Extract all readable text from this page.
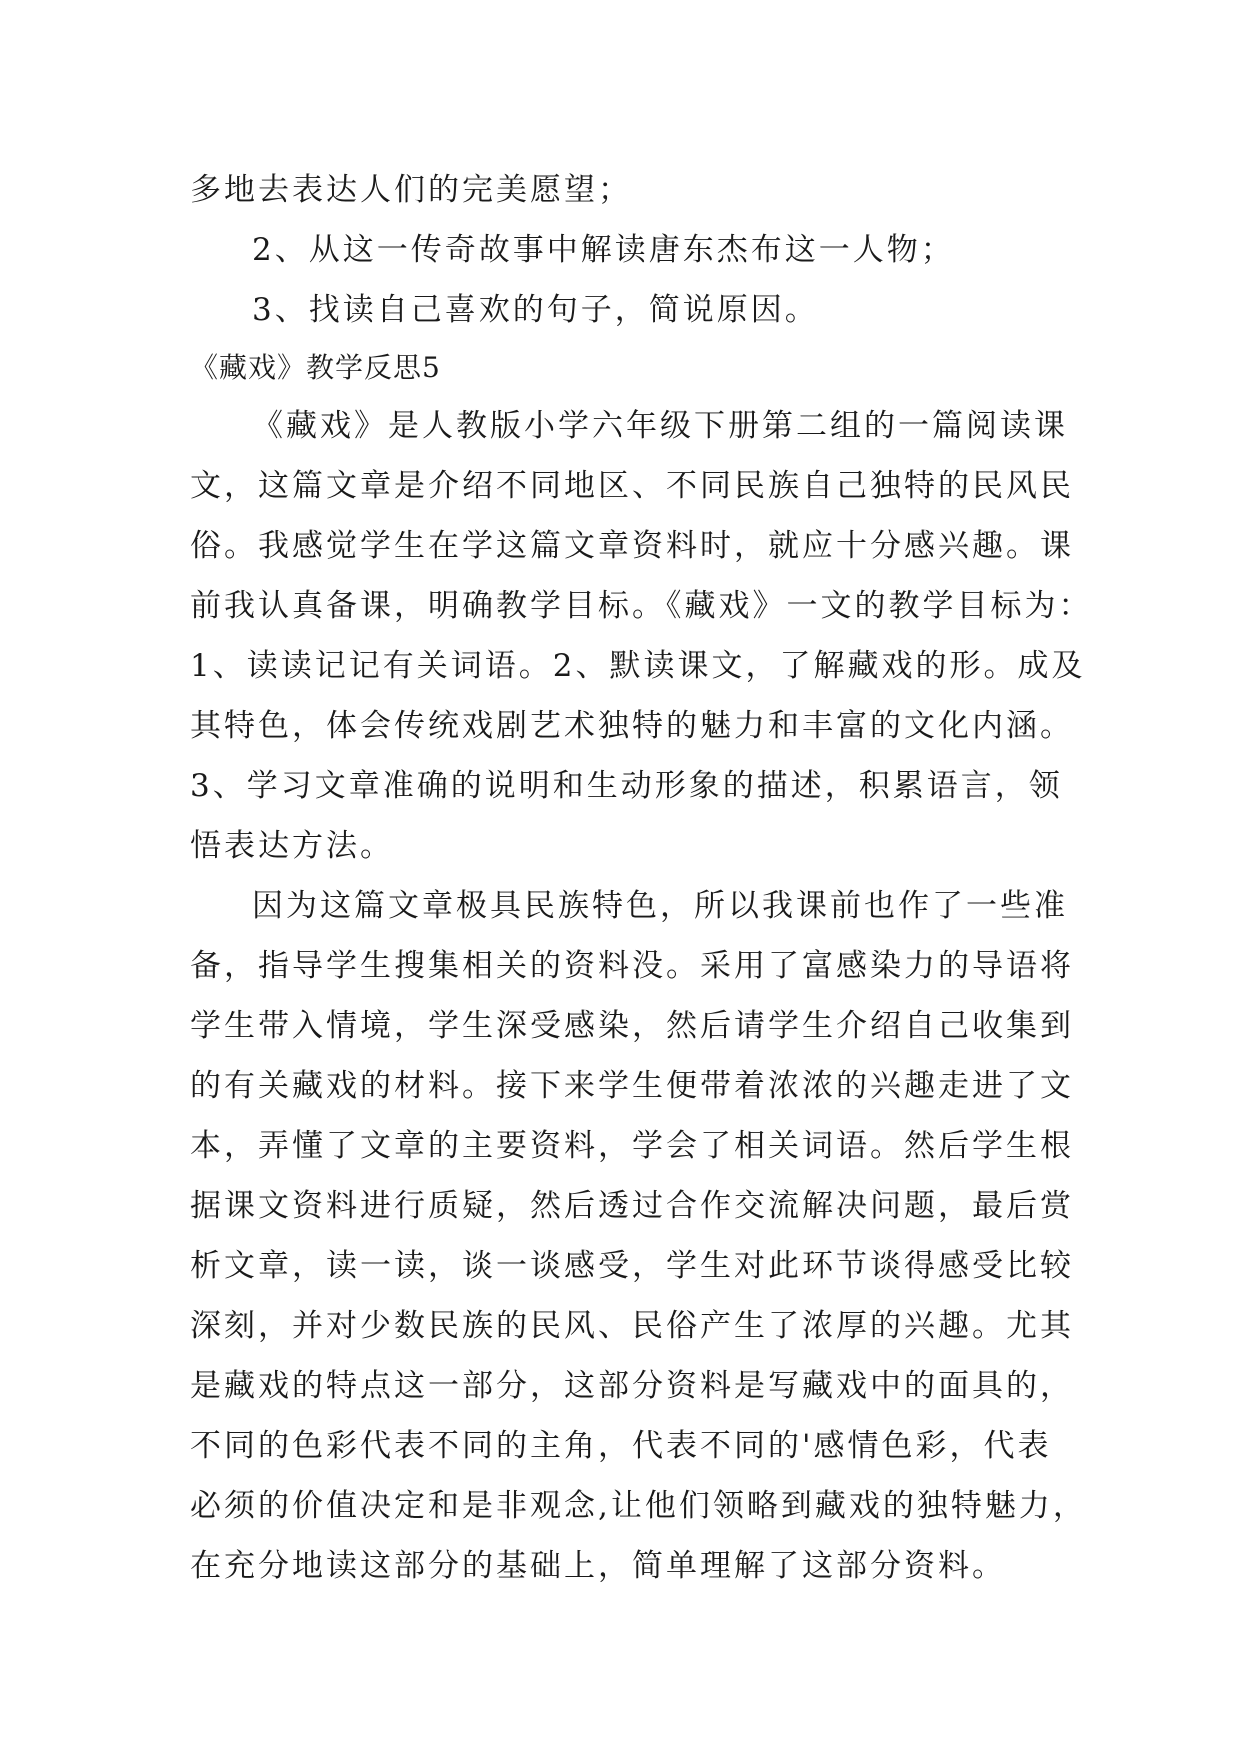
多地去表达人们的完美愿望；
2、从这一传奇故事中解读唐东杰布这一人物；
3、找读自己喜欢的句子，简说原因。
《藏戏》教学反思5
《藏戏》是人教版小学六年级下册第二组的一篇阅读课
文，这篇文章是介绍不同地区、不同民族自己独特的民风民
俗。我感觉学生在学这篇文章资料时，就应十分感兴趣。课
前我认真备课，明确教学目标。《藏戏》一文的教学目标为：
1、读读记记有关词语。2、默读课文，了解藏戏的形。成及
其特色，体会传统戏剧艺术独特的魅力和丰富的文化内涵。
3、学习文章准确的说明和生动形象的描述，积累语言，领
悟表达方法。
因为这篇文章极具民族特色，所以我课前也作了一些准
备，指导学生搜集相关的资料没。采用了富感染力的导语将
学生带入情境，学生深受感染，然后请学生介绍自己收集到
的有关藏戏的材料。接下来学生便带着浓浓的兴趣走进了文
本，弄懂了文章的主要资料，学会了相关词语。然后学生根
据课文资料进行质疑，然后透过合作交流解决问题，最后赏
析文章，读一读，谈一谈感受，学生对此环节谈得感受比较
深刻，并对少数民族的民风、民俗产生了浓厚的兴趣。尤其
是藏戏的特点这一部分，这部分资料是写藏戏中的面具的，
不同的色彩代表不同的主角，代表不同的'感情色彩，代表
必须的价值决定和是非观念,让他们领略到藏戏的独特魅力，
在充分地读这部分的基础上，简单理解了这部分资料。
